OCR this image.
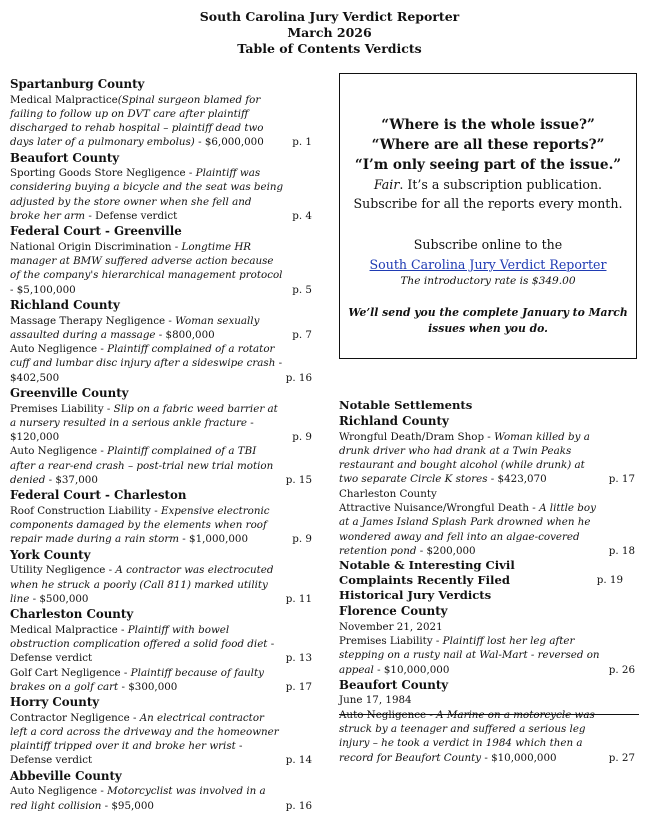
South Carolina Jury Verdict Reporter
March 2026
Table of Contents Verdicts
Spartanburg County
Medical Malpractice(Spinal surgeon blamed for failing to follow up on DVT care after plaintiff discharged to rehab hospital – plaintiff dead two days later of a pulmonary embolus) - $6,000,000	p. 1
Beaufort County
Sporting Goods Store Negligence - Plaintiff was considering buying a bicycle and the seat was being adjusted by the store owner when she fell and broke her arm - Defense verdict	p. 4
Federal Court - Greenville
National Origin Discrimination - Longtime HR manager at BMW suffered adverse action because of the company's hierarchical management protocol - $5,100,000	p. 5
Richland County
Massage Therapy Negligence - Woman sexually assaulted during a massage - $800,000	p. 7
Auto Negligence - Plaintiff complained of a rotator cuff and lumbar disc injury after a sideswipe crash - $402,500	p. 16
Greenville County
Premises Liability - Slip on a fabric weed barrier at a nursery resulted in a serious ankle fracture - $120,000	p. 9
Auto Negligence - Plaintiff complained of a TBI after a rear-end crash – post-trial new trial motion denied - $37,000	p. 15
Federal Court - Charleston
Roof Construction Liability - Expensive electronic components damaged by the elements when roof repair made during a rain storm - $1,000,000	p. 9
York County
Utility Negligence - A contractor was electrocuted when he struck a poorly (Call 811) marked utility line - $500,000	p. 11
Charleston County
Medical Malpractice - Plaintiff with bowel obstruction complication offered a solid food diet - Defense verdict	p. 13
Golf Cart Negligence - Plaintiff because of faulty brakes on a golf cart - $300,000	p. 17
Horry County
Contractor Negligence - An electrical contractor left a cord across the driveway and the homeowner plaintiff tripped over it and broke her wrist - Defense verdict	p. 14
Abbeville County
Auto Negligence - Motorcyclist was involved in a red light collision - $95,000	p. 16
“Where is the whole issue?”
“Where are all these reports?”
“I’m only seeing part of the issue.”
Fair. It’s a subscription publication.
Subscribe for all the reports every month.
Subscribe online to the
South Carolina Jury Verdict Reporter
The introductory rate is $349.00
We’ll send you the complete January to March issues when you do.
Notable Settlements
Richland County
Wrongful Death/Dram Shop - Woman killed by a drunk driver who had drank at a Twin Peaks restaurant and bought alcohol (while drunk) at two separate Circle K stores - $423,070	p. 17
Charleston County
Attractive Nuisance/Wrongful Death - A little boy at a James Island Splash Park drowned when he wondered away and fell into an algae-covered retention pond - $200,000	p. 18
Notable & Interesting Civil
Complaints Recently Filed	p. 19
Historical Jury Verdicts
Florence County
November 21, 2021
Premises Liability - Plaintiff lost her leg after stepping on a rusty nail at Wal-Mart - reversed on appeal - $10,000,000	p. 26
Beaufort County
June 17, 1984
Auto Negligence - A Marine on a motorcycle was struck by a teenager and suffered a serious leg injury – he took a verdict in 1984 which then a record for Beaufort County - $10,000,000	p. 27
